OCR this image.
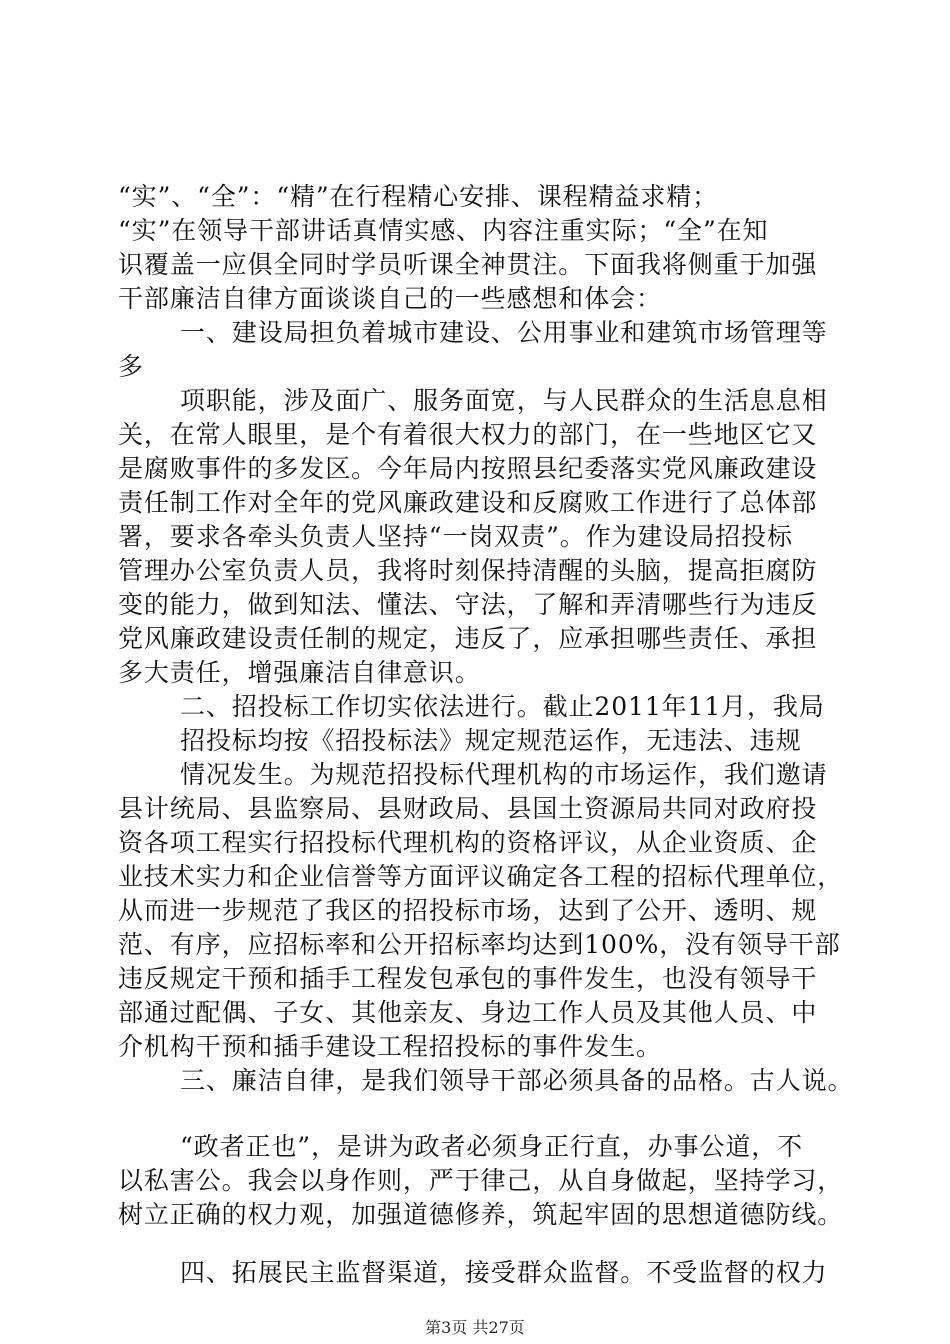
“实”、“全”：“精”在行程精心安排、课程精益求精；
“实”在领导干部讲话真情实感、内容注重实际；“全”在知
识覆盖一应俱全同时学员听课全神贯注。下面我将侧重于加强
干部廉洁自律方面谈谈自己的一些感想和体会：
一、建设局担负着城市建设、公用事业和建筑市场管理等
多
项职能，涉及面广、服务面宽，与人民群众的生活息息相
关，在常人眼里，是个有着很大权力的部门，在一些地区它又
是腐败事件的多发区。今年局内按照县纪委落实党风廉政建设
责任制工作对全年的党风廉政建设和反腐败工作进行了总体部
署，要求各牵头负责人坚持“一岗双责”。作为建设局招投标
管理办公室负责人员，我将时刻保持清醒的头脑，提高拒腐防
变的能力，做到知法、懂法、守法，了解和弄清哪些行为违反
党风廉政建设责任制的规定，违反了，应承担哪些责任、承担
多大责任，增强廉洁自律意识。
二、招投标工作切实依法进行。截止2011年11月，我局
招投标均按《招投标法》规定规范运作，无违法、违规
情况发生。为规范招投标代理机构的市场运作，我们邀请
县计统局、县监察局、县财政局、县国土资源局共同对政府投
资各项工程实行招投标代理机构的资格评议，从企业资质、企
业技术实力和企业信誉等方面评议确定各工程的招标代理单位，
从而进一步规范了我区的招投标市场，达到了公开、透明、规
范、有序，应招标率和公开招标率均达到100%，没有领导干部
违反规定干预和插手工程发包承包的事件发生，也没有领导干
部通过配偶、子女、其他亲友、身边工作人员及其他人员、中
介机构干预和插手建设工程招投标的事件发生。
三、廉洁自律，是我们领导干部必须具备的品格。古人说。
“政者正也”，是讲为政者必须身正行直，办事公道，不
以私害公。我会以身作则，严于律己，从自身做起，坚持学习，
树立正确的权力观，加强道德修养，筑起牢固的思想道德防线。
四、拓展民主监督渠道，接受群众监督。不受监督的权力
第3页 共27页
